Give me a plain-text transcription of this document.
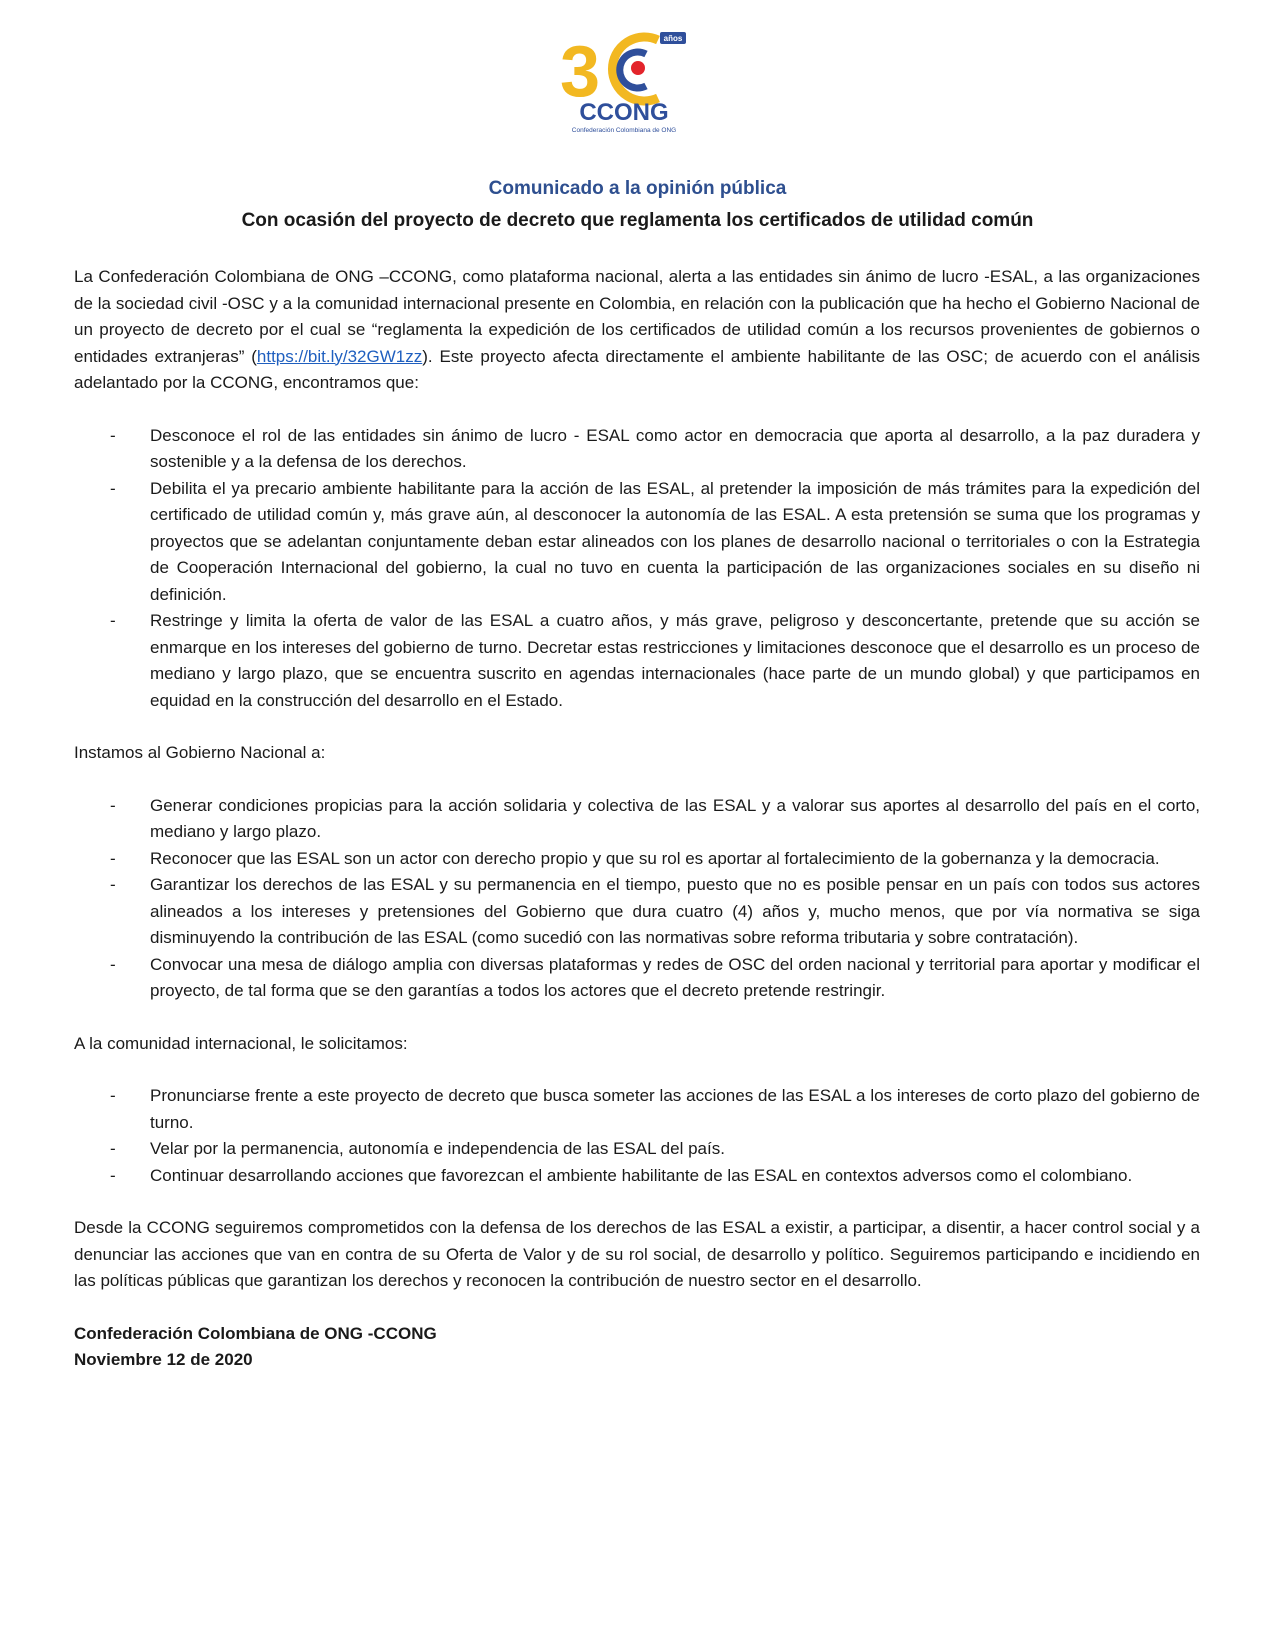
3	años
CCONG
Confederación Colombiana de ONG
Comunicado a la opinión pública
Con ocasión del proyecto de decreto que reglamenta los certificados de utilidad común

La Confederación Colombiana de ONG –CCONG, como plataforma nacional, alerta a las entidades sin ánimo de lucro -ESAL, a las organizaciones de la sociedad civil -OSC y a la comunidad internacional presente en Colombia, en relación con la publicación que ha hecho el Gobierno Nacional de un proyecto de decreto por el cual se “reglamenta la expedición de los certificados de utilidad común a los recursos provenientes de gobiernos o entidades extranjeras” (https://bit.ly/32GW1zz). Este proyecto afecta directamente el ambiente habilitante de las OSC; de acuerdo con el análisis adelantado por la CCONG, encontramos que:

- Desconoce el rol de las entidades sin ánimo de lucro - ESAL como actor en democracia que aporta al desarrollo, a la paz duradera y sostenible y a la defensa de los derechos.
- Debilita el ya precario ambiente habilitante para la acción de las ESAL, al pretender la imposición de más trámites para la expedición del certificado de utilidad común y, más grave aún, al desconocer la autonomía de las ESAL. A esta pretensión se suma que los programas y proyectos que se adelantan conjuntamente deban estar alineados con los planes de desarrollo nacional o territoriales o con la Estrategia de Cooperación Internacional del gobierno, la cual no tuvo en cuenta la participación de las organizaciones sociales en su diseño ni definición.
- Restringe y limita la oferta de valor de las ESAL a cuatro años, y más grave, peligroso y desconcertante, pretende que su acción se enmarque en los intereses del gobierno de turno. Decretar estas restricciones y limitaciones desconoce que el desarrollo es un proceso de mediano y largo plazo, que se encuentra suscrito en agendas internacionales (hace parte de un mundo global) y que participamos en equidad en la construcción del desarrollo en el Estado.

Instamos al Gobierno Nacional a:

- Generar condiciones propicias para la acción solidaria y colectiva de las ESAL y a valorar sus aportes al desarrollo del país en el corto, mediano y largo plazo.
- Reconocer que las ESAL son un actor con derecho propio y que su rol es aportar al fortalecimiento de la gobernanza y la democracia.
- Garantizar los derechos de las ESAL y su permanencia en el tiempo, puesto que no es posible pensar en un país con todos sus actores alineados a los intereses y pretensiones del Gobierno que dura cuatro (4) años y, mucho menos, que por vía normativa se siga disminuyendo la contribución de las ESAL (como sucedió con las normativas sobre reforma tributaria y sobre contratación).
- Convocar una mesa de diálogo amplia con diversas plataformas y redes de OSC del orden nacional y territorial para aportar y modificar el proyecto, de tal forma que se den garantías a todos los actores que el decreto pretende restringir.

A la comunidad internacional, le solicitamos:

- Pronunciarse frente a este proyecto de decreto que busca someter las acciones de las ESAL a los intereses de corto plazo del gobierno de turno.
- Velar por la permanencia, autonomía e independencia de las ESAL del país.
- Continuar desarrollando acciones que favorezcan el ambiente habilitante de las ESAL en contextos adversos como el colombiano.

Desde la CCONG seguiremos comprometidos con la defensa de los derechos de las ESAL a existir, a participar, a disentir, a hacer control social y a denunciar las acciones que van en contra de su Oferta de Valor y de su rol social, de desarrollo y político. Seguiremos participando e incidiendo en las políticas públicas que garantizan los derechos y reconocen la contribución de nuestro sector en el desarrollo.

Confederación Colombiana de ONG -CCONG
Noviembre 12 de 2020
